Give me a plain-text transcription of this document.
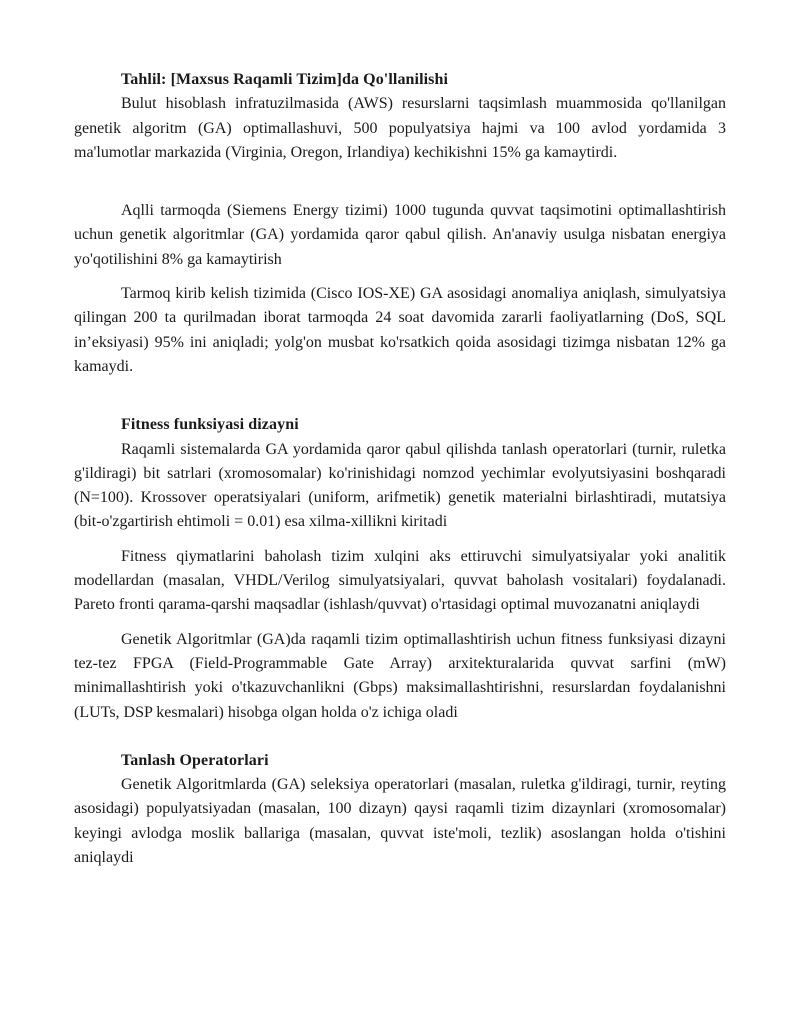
Tahlil: [Maxsus Raqamli Tizim]da Qo'llanilishi

Bulut hisoblash infratuzilmasida (AWS) resurslarni taqsimlash muammosida qo'llanilgan genetik algoritm (GA) optimallashuvi, 500 populyatsiya hajmi va 100 avlod yordamida 3 ma'lumotlar markazida (Virginia, Oregon, Irlandiya) kechikishni 15% ga kamaytirdi.

Aqlli tarmoqda (Siemens Energy tizimi) 1000 tugunda quvvat taqsimotini optimallashtirish uchun genetik algoritmlar (GA) yordamida qaror qabul qilish. An'anaviy usulga nisbatan energiya yo'qotilishini 8% ga kamaytirish

Tarmoq kirib kelish tizimida (Cisco IOS-XE) GA asosidagi anomaliya aniqlash, simulyatsiya qilingan 200 ta qurilmadan iborat tarmoqda 24 soat davomida zararli faoliyatlarning (DoS, SQL in’eksiyasi) 95% ini aniqladi; yolg'on musbat ko'rsatkich qoida asosidagi tizimga nisbatan 12% ga kamaydi.

Fitness funksiyasi dizayni

Raqamli sistemalarda GA yordamida qaror qabul qilishda tanlash operatorlari (turnir, ruletka g'ildiragi) bit satrlari (xromosomalar) ko'rinishidagi nomzod yechimlar evolyutsiyasini boshqaradi (N=100). Krossover operatsiyalari (uniform, arifmetik) genetik materialni birlashtiradi, mutatsiya (bit-o'zgartirish ehtimoli = 0.01) esa xilma-xillikni kiritadi

Fitness qiymatlarini baholash tizim xulqini aks ettiruvchi simulyatsiyalar yoki analitik modellardan (masalan, VHDL/Verilog simulyatsiyalari, quvvat baholash vositalari) foydalanadi. Pareto fronti qarama-qarshi maqsadlar (ishlash/quvvat) o'rtasidagi optimal muvozanatni aniqlaydi

Genetik Algoritmlar (GA)da raqamli tizim optimallashtirish uchun fitness funksiyasi dizayni tez-tez FPGA (Field-Programmable Gate Array) arxitekturalarida quvvat sarfini (mW) minimallashtirish yoki o'tkazuvchanlikni (Gbps) maksimallashtirishni, resurslardan foydalanishni (LUTs, DSP kesmalari) hisobga olgan holda o'z ichiga oladi

Tanlash Operatorlari

Genetik Algoritmlarda (GA) seleksiya operatorlari (masalan, ruletka g'ildiragi, turnir, reyting asosidagi) populyatsiyadan (masalan, 100 dizayn) qaysi raqamli tizim dizaynlari (xromosomalar) keyingi avlodga moslik ballariga (masalan, quvvat iste'moli, tezlik) asoslangan holda o'tishini aniqlaydi
